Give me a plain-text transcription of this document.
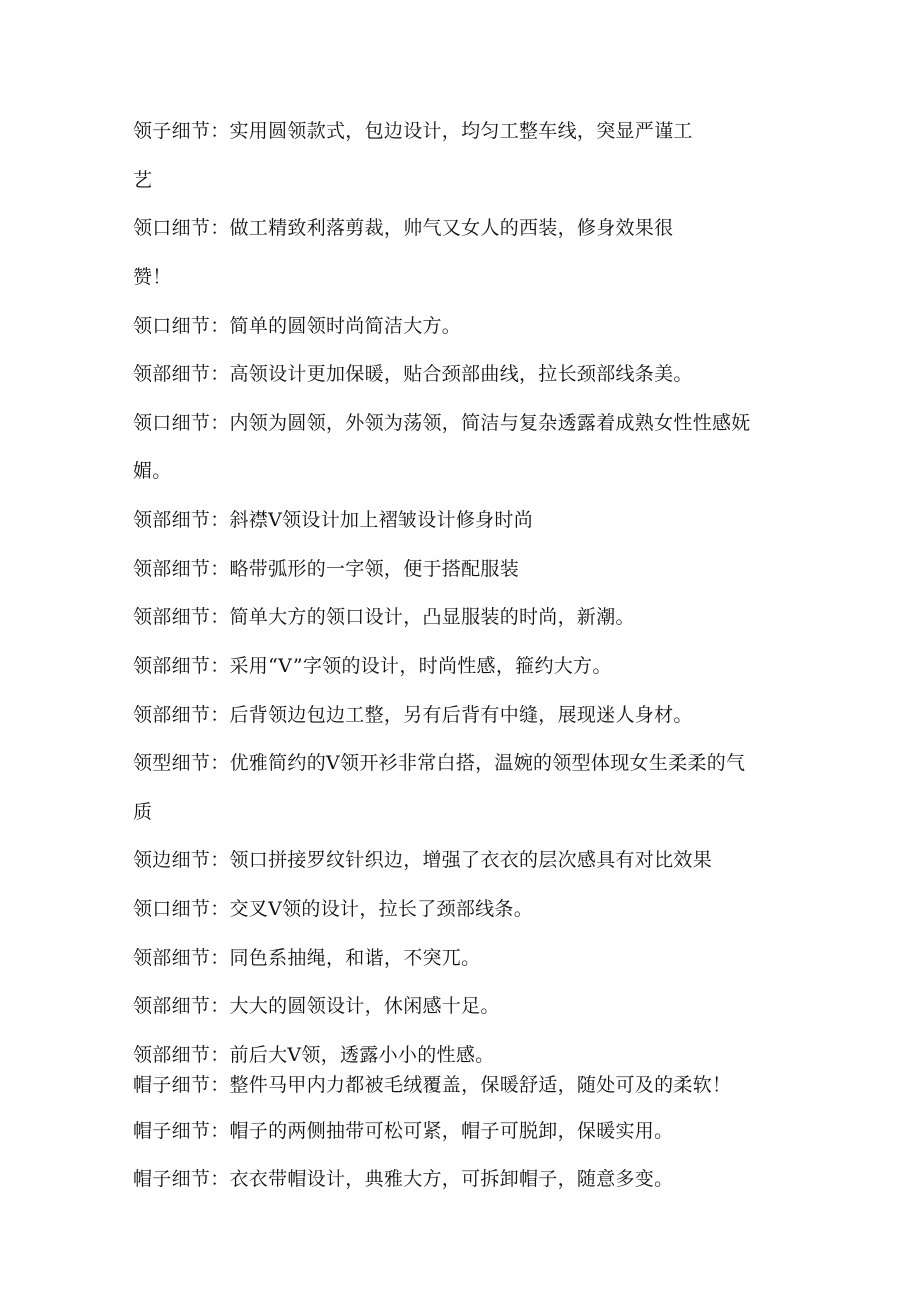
领子细节：实用圆领款式，包边设计，均匀工整车线，突显严谨工
艺
领口细节：做工精致利落剪裁，帅气又女人的西装，修身效果很
赞！
领口细节：简单的圆领时尚简洁大方。
领部细节：高领设计更加保暖，贴合颈部曲线，拉长颈部线条美。
领口细节：内领为圆领，外领为荡领，简洁与复杂透露着成熟女性性感妩
媚。
领部细节：斜襟V领设计加上褶皱设计修身时尚
领部细节：略带弧形的一字领，便于搭配服装
领部细节：简单大方的领口设计，凸显服装的时尚，新潮。
领部细节：采用“V”字领的设计，时尚性感，箍约大方。
领部细节：后背领边包边工整，另有后背有中缝，展现迷人身材。
领型细节：优雅简约的V领开衫非常白搭，温婉的领型体现女生柔柔的气
质
领边细节：领口拼接罗纹针织边，增强了衣衣的层次感具有对比效果
领口细节：交叉V领的设计，拉长了颈部线条。
领部细节：同色系抽绳，和谐，不突兀。
领部细节：大大的圆领设计，休闲感十足。
领部细节：前后大V领，透露小小的性感。
帽子细节：整件马甲内力都被毛绒覆盖，保暖舒适，随处可及的柔软！
帽子细节：帽子的两侧抽带可松可紧，帽子可脱卸，保暖实用。
帽子细节：衣衣带帽设计，典雅大方，可拆卸帽子，随意多变。
